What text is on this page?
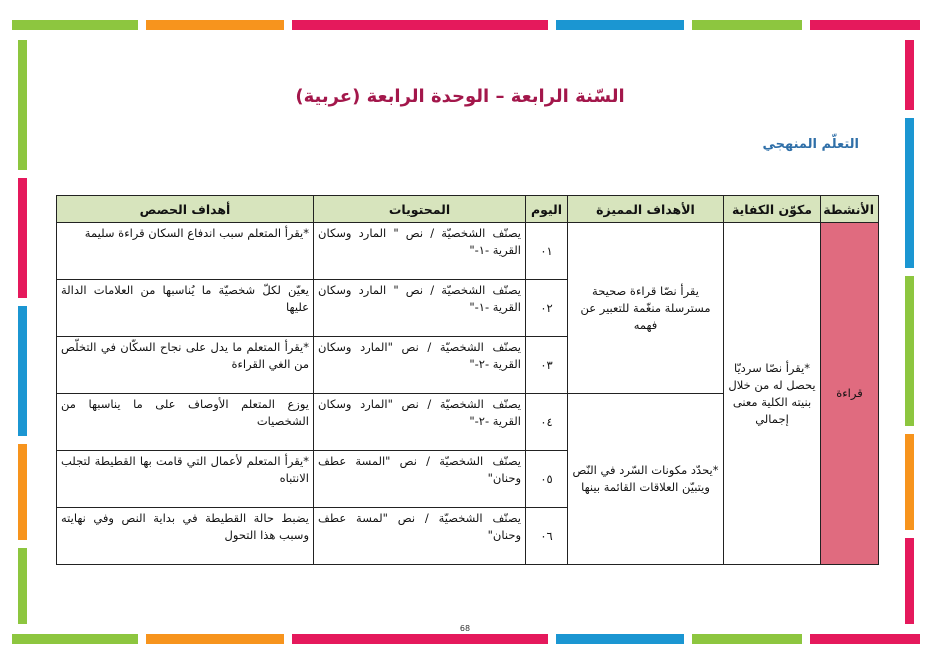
السّنة الرابعة – الوحدة الرابعة (عربية)
التعلّم المنهجي
الأنشطة	مكوّن الكفاية	الأهداف المميزة	اليوم	المحتويات	أهداف الحصص
قراءة	*يقرأ نصّا سرديّا يحصل له من خلال بنيته الكلية معنى إجمالي	يقرأ نصّا قراءة صحيحة مسترسلة منغّمة للتعبير عن فهمه	٠١	يصنّف الشخصيّة / نص " المارد وسكان القرية -١-"	*يقرأ المتعلم سبب اندفاع السكان قراءة سليمة
			٠٢	يصنّف الشخصيّة / نص " المارد وسكان القرية -١-"	يعيّن لكلّ شخصيّة ما يُناسبها من العلامات الدالة عليها
			٠٣	يصنّف الشخصيّة / نص "المارد وسكان القرية -٢-"	*يقرأ المتعلم ما يدل على نجاح السكّان في التخلّص من الغي القراءة
		*يحدّد مكونات السّرد في النّص ويتبيّن العلاقات القائمة بينها	٠٤	يصنّف الشخصيّة / نص "المارد وسكان القرية -٢-"	يوزع المتعلم الأوصاف على ما يناسبها من الشخصيات
			٠٥	يصنّف الشخصيّة / نص "المسة عطف وحنان"	*يقرأ المتعلم لأعمال التي قامت بها القطيطة لتجلب الانتباه
			٠٦	يصنّف الشخصيّة / نص "لمسة عطف وحنان"	يضبط حالة القطيطة في بداية النص وفي نهايته وسبب هذا التحول
68
